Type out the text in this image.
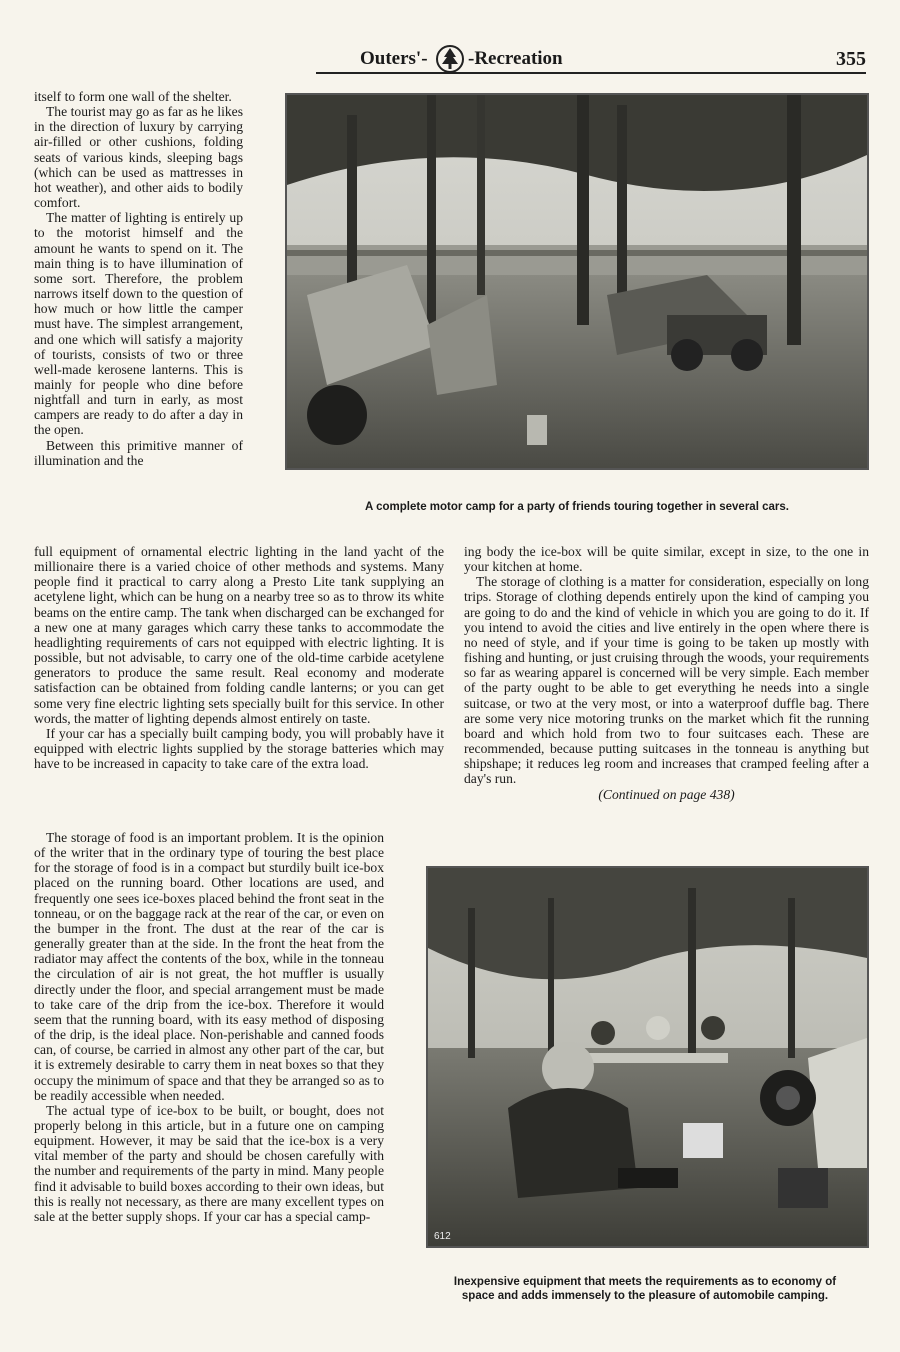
Outers'- -Recreation	355

itself to form one wall of the shelter.

The tourist may go as far as he likes in the direction of luxury by carrying air-filled or other cushions, folding seats of various kinds, sleeping bags (which can be used as mattresses in hot weather), and other aids to bodily comfort.

The matter of lighting is entirely up to the motorist himself and the amount he wants to spend on it. The main thing is to have illumination of some sort. Therefore, the problem narrows itself down to the question of how much or how little the camper must have. The simplest arrangement, and one which will satisfy a majority of tourists, consists of two or three well-made kerosene lanterns. This is mainly for people who dine before nightfall and turn in early, as most campers are ready to do after a day in the open.

Between this primitive manner of illumination and the

A complete motor camp for a party of friends touring together in several cars.

full equipment of ornamental electric lighting in the land yacht of the millionaire there is a varied choice of other methods and systems. Many people find it practical to carry along a Presto Lite tank supplying an acetylene light, which can be hung on a nearby tree so as to throw its white beams on the entire camp. The tank when discharged can be exchanged for a new one at many garages which carry these tanks to accommodate the headlighting requirements of cars not equipped with electric lighting. It is possible, but not advisable, to carry one of the old-time carbide acetylene generators to produce the same result. Real economy and moderate satisfaction can be obtained from folding candle lanterns; or you can get some very fine electric lighting sets specially built for this service. In other words, the matter of lighting depends almost entirely on taste.

If your car has a specially built camping body, you will probably have it equipped with electric lights supplied by the storage batteries which may have to be increased in capacity to take care of the extra load.

The storage of food is an important problem. It is the opinion of the writer that in the ordinary type of touring the best place for the storage of food is in a compact but sturdily built ice-box placed on the running board. Other locations are used, and frequently one sees ice-boxes placed behind the front seat in the tonneau, or on the baggage rack at the rear of the car, or even on the bumper in the front. The dust at the rear of the car is generally greater than at the side. In the front the heat from the radiator may affect the contents of the box, while in the tonneau the circulation of air is not great, the hot muffler is usually directly under the floor, and special arrangement must be made to take care of the drip from the ice-box. Therefore it would seem that the running board, with its easy method of disposing of the drip, is the ideal place. Non-perishable and canned foods can, of course, be carried in almost any other part of the car, but it is extremely desirable to carry them in neat boxes so that they occupy the minimum of space and that they be arranged so as to be readily accessible when needed.

The actual type of ice-box to be built, or bought, does not properly belong in this article, but in a future one on camping equipment. However, it may be said that the ice-box is a very vital member of the party and should be chosen carefully with the number and requirements of the party in mind. Many people find it advisable to build boxes according to their own ideas, but this is really not necessary, as there are many excellent types on sale at the better supply shops. If your car has a special camp-

ing body the ice-box will be quite similar, except in size, to the one in your kitchen at home.

The storage of clothing is a matter for consideration, especially on long trips. Storage of clothing depends entirely upon the kind of camping you are going to do and the kind of vehicle in which you are going to do it. If you intend to avoid the cities and live entirely in the open where there is no need of style, and if your time is going to be taken up mostly with fishing and hunting, or just cruising through the woods, your requirements so far as wearing apparel is concerned will be very simple. Each member of the party ought to be able to get everything he needs into a single suitcase, or two at the very most, or into a waterproof duffle bag. There are some very nice motoring trunks on the market which fit the running board and which hold from two to four suitcases each. These are recommended, because putting suitcases in the tonneau is anything but shipshape; it reduces leg room and increases that cramped feeling after a day's run.

(Continued on page 438)

612
Inexpensive equipment that meets the requirements as to economy of space and adds immensely to the pleasure of automobile camping.
